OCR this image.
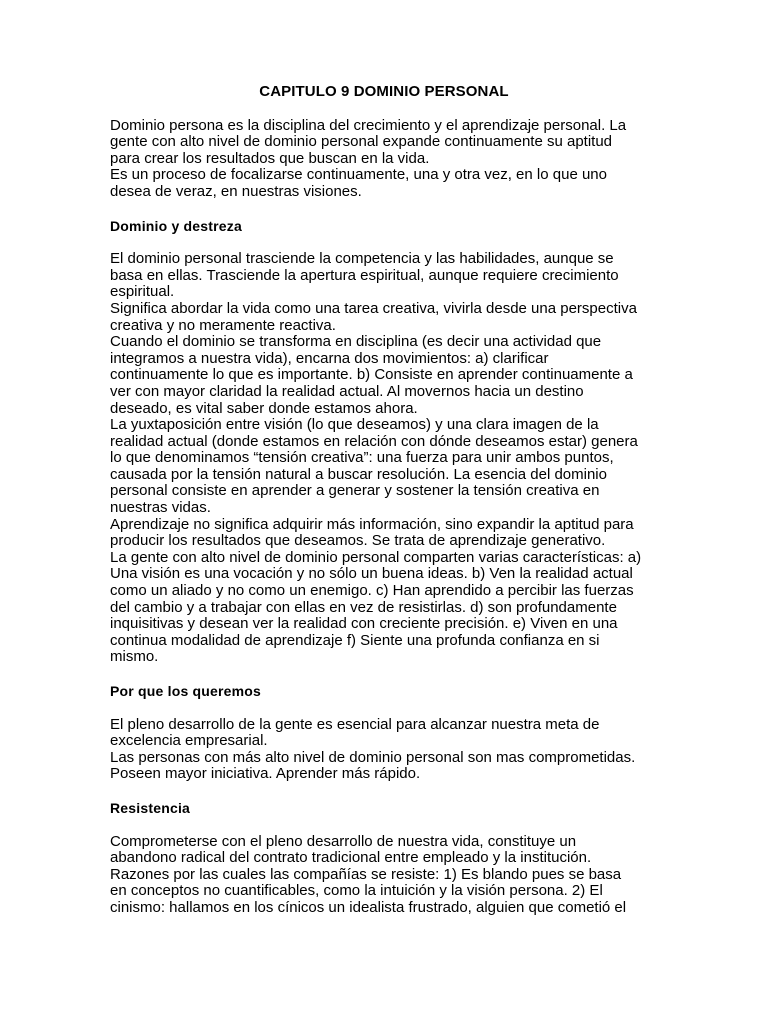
CAPITULO 9 DOMINIO PERSONAL

Dominio persona es la disciplina del crecimiento y el aprendizaje personal. La
gente con alto nivel de dominio personal expande continuamente su aptitud
para crear los resultados que buscan en la vida.

Es un proceso de focalizarse continuamente, una y otra vez, en lo que uno
desea de veraz, en nuestras visiones.

Dominio y destreza

El dominio personal trasciende la competencia y las habilidades, aunque se
basa en ellas. Trasciende la apertura espiritual, aunque requiere crecimiento
espiritual.

Significa abordar la vida como una tarea creativa, vivirla desde una perspectiva
creativa y no meramente reactiva.

Cuando el dominio se transforma en disciplina (es decir una actividad que
integramos a nuestra vida), encarna dos movimientos: a) clarificar
continuamente lo que es importante. b) Consiste en aprender continuamente a
ver con mayor claridad la realidad actual. Al movernos hacia un destino
deseado, es vital saber donde estamos ahora.

La yuxtaposición entre visión (lo que deseamos) y una clara imagen de la
realidad actual (donde estamos en relación con dónde deseamos estar) genera
lo que denominamos “tensión creativa”: una fuerza para unir ambos puntos,
causada por la tensión natural a buscar resolución. La esencia del dominio
personal consiste en aprender a generar y sostener la tensión creativa en
nuestras vidas.

Aprendizaje no significa adquirir más información, sino expandir la aptitud para
producir los resultados que deseamos. Se trata de aprendizaje generativo.

La gente con alto nivel de dominio personal comparten varias características: a)
Una visión es una vocación y no sólo un buena ideas. b) Ven la realidad actual
como un aliado y no como un enemigo. c) Han aprendido a percibir las fuerzas
del cambio y a trabajar con ellas en vez de resistirlas. d) son profundamente
inquisitivas y desean ver la realidad con creciente precisión. e) Viven en una
continua modalidad de aprendizaje f) Siente una profunda confianza en si
mismo.

Por que los queremos

El pleno desarrollo de la gente es esencial para alcanzar nuestra meta de
excelencia empresarial.

Las personas con más alto nivel de dominio personal son mas comprometidas.
Poseen mayor iniciativa. Aprender más rápido.

Resistencia

Comprometerse con el pleno desarrollo de nuestra vida, constituye un
abandono radical del contrato tradicional entre empleado y la institución.

Razones por las cuales las compañías se resiste: 1) Es blando pues se basa
en conceptos no cuantificables, como la intuición y la visión persona. 2) El
cinismo: hallamos en los cínicos un idealista frustrado, alguien que cometió el
